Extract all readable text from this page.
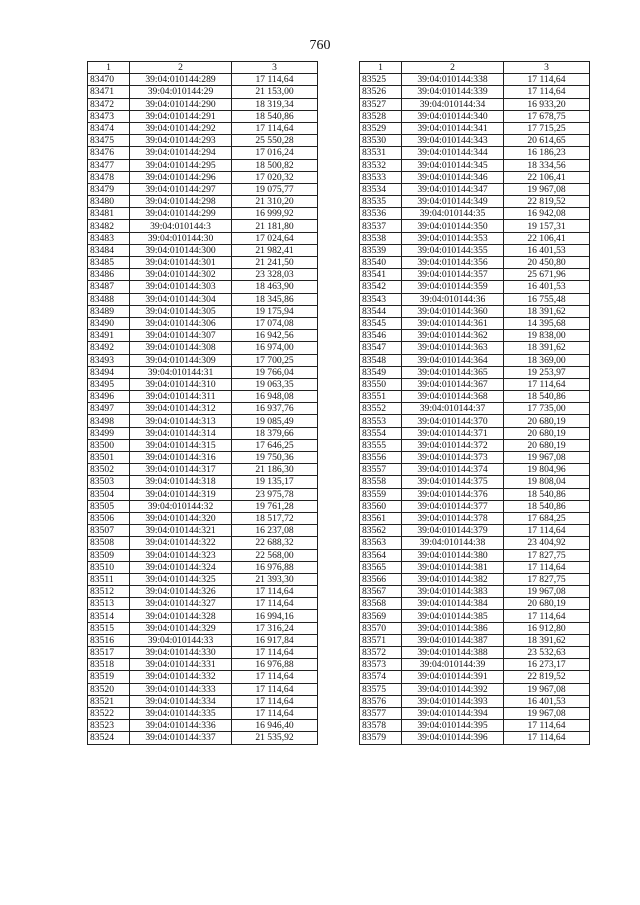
760
1	2	3
83470	39:04:010144:289	17 114,64
83471	39:04:010144:29	21 153,00
83472	39:04:010144:290	18 319,34
83473	39:04:010144:291	18 540,86
83474	39:04:010144:292	17 114,64
83475	39:04:010144:293	25 550,28
83476	39:04:010144:294	17 016,24
83477	39:04:010144:295	18 500,82
83478	39:04:010144:296	17 020,32
83479	39:04:010144:297	19 075,77
83480	39:04:010144:298	21 310,20
83481	39:04:010144:299	16 999,92
83482	39:04:010144:3	21 181,80
83483	39:04:010144:30	17 024,64
83484	39:04:010144:300	21 982,41
83485	39:04:010144:301	21 241,50
83486	39:04:010144:302	23 328,03
83487	39:04:010144:303	18 463,90
83488	39:04:010144:304	18 345,86
83489	39:04:010144:305	19 175,94
83490	39:04:010144:306	17 074,08
83491	39:04:010144:307	16 942,56
83492	39:04:010144:308	16 974,00
83493	39:04:010144:309	17 700,25
83494	39:04:010144:31	19 766,04
83495	39:04:010144:310	19 063,35
83496	39:04:010144:311	16 948,08
83497	39:04:010144:312	16 937,76
83498	39:04:010144:313	19 085,49
83499	39:04:010144:314	18 379,66
83500	39:04:010144:315	17 646,25
83501	39:04:010144:316	19 750,36
83502	39:04:010144:317	21 186,30
83503	39:04:010144:318	19 135,17
83504	39:04:010144:319	23 975,78
83505	39:04:010144:32	19 761,28
83506	39:04:010144:320	18 517,72
83507	39:04:010144:321	16 237,08
83508	39:04:010144:322	22 688,32
83509	39:04:010144:323	22 568,00
83510	39:04:010144:324	16 976,88
83511	39:04:010144:325	21 393,30
83512	39:04:010144:326	17 114,64
83513	39:04:010144:327	17 114,64
83514	39:04:010144:328	16 994,16
83515	39:04:010144:329	17 316,24
83516	39:04:010144:33	16 917,84
83517	39:04:010144:330	17 114,64
83518	39:04:010144:331	16 976,88
83519	39:04:010144:332	17 114,64
83520	39:04:010144:333	17 114,64
83521	39:04:010144:334	17 114,64
83522	39:04:010144:335	17 114,64
83523	39:04:010144:336	16 946,40
83524	39:04:010144:337	21 535,92
1	2	3
83525	39:04:010144:338	17 114,64
83526	39:04:010144:339	17 114,64
83527	39:04:010144:34	16 933,20
83528	39:04:010144:340	17 678,75
83529	39:04:010144:341	17 715,25
83530	39:04:010144:343	20 614,65
83531	39:04:010144:344	16 186,23
83532	39:04:010144:345	18 334,56
83533	39:04:010144:346	22 106,41
83534	39:04:010144:347	19 967,08
83535	39:04:010144:349	22 819,52
83536	39:04:010144:35	16 942,08
83537	39:04:010144:350	19 157,31
83538	39:04:010144:353	22 106,41
83539	39:04:010144:355	16 401,53
83540	39:04:010144:356	20 450,80
83541	39:04:010144:357	25 671,96
83542	39:04:010144:359	16 401,53
83543	39:04:010144:36	16 755,48
83544	39:04:010144:360	18 391,62
83545	39:04:010144:361	14 395,68
83546	39:04:010144:362	19 838,00
83547	39:04:010144:363	18 391,62
83548	39:04:010144:364	18 369,00
83549	39:04:010144:365	19 253,97
83550	39:04:010144:367	17 114,64
83551	39:04:010144:368	18 540,86
83552	39:04:010144:37	17 735,00
83553	39:04:010144:370	20 680,19
83554	39:04:010144:371	20 680,19
83555	39:04:010144:372	20 680,19
83556	39:04:010144:373	19 967,08
83557	39:04:010144:374	19 804,96
83558	39:04:010144:375	19 808,04
83559	39:04:010144:376	18 540,86
83560	39:04:010144:377	18 540,86
83561	39:04:010144:378	17 684,25
83562	39:04:010144:379	17 114,64
83563	39:04:010144:38	23 404,92
83564	39:04:010144:380	17 827,75
83565	39:04:010144:381	17 114,64
83566	39:04:010144:382	17 827,75
83567	39:04:010144:383	19 967,08
83568	39:04:010144:384	20 680,19
83569	39:04:010144:385	17 114,64
83570	39:04:010144:386	16 912,80
83571	39:04:010144:387	18 391,62
83572	39:04:010144:388	23 532,63
83573	39:04:010144:39	16 273,17
83574	39:04:010144:391	22 819,52
83575	39:04:010144:392	19 967,08
83576	39:04:010144:393	16 401,53
83577	39:04:010144:394	19 967,08
83578	39:04:010144:395	17 114,64
83579	39:04:010144:396	17 114,64
